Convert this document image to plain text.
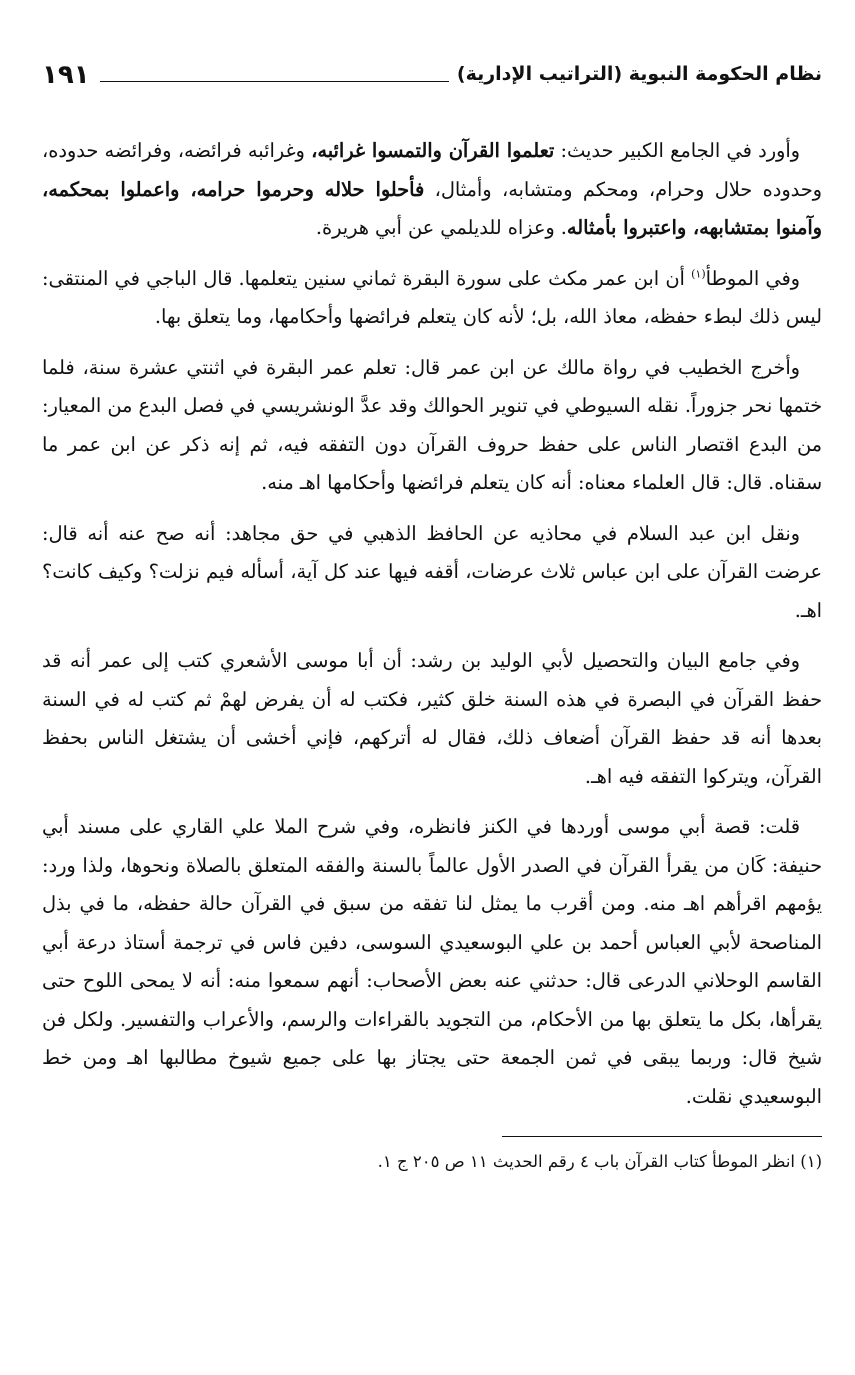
نظام الحكومة النبوية (التراتيب الإدارية)
١٩١

وأورد في الجامع الكبير حديث: تعلموا القرآن والتمسوا غرائبه، وغرائبه فرائضه، وفرائضه حدوده، وحدوده حلال وحرام، ومحكم ومتشابه، وأمثال، فأحلوا حلاله وحرموا حرامه، واعملوا بمحكمه، وآمنوا بمتشابهه، واعتبروا بأمثاله. وعزاه للديلمي عن أبي هريرة.

وفي الموطأ$^{(١)}$ أن ابن عمر مكث على سورة البقرة ثماني سنين يتعلمها. قال الباجي في المنتقى: ليس ذلك لبطء حفظه، معاذ الله، بل؛ لأنه كان يتعلم فرائضها وأحكامها، وما يتعلق بها.

وأخرج الخطيب في رواة مالك عن ابن عمر قال: تعلم عمر البقرة في اثنتي عشرة سنة، فلما ختمها نحر جزوراً. نقله السيوطي في تنوير الحوالك وقد عدَّ الونشريسي في فصل البدع من المعيار: من البدع اقتصار الناس على حفظ حروف القرآن دون التفقه فيه، ثم إنه ذكر عن ابن عمر ما سقناه. قال: قال العلماء معناه: أنه كان يتعلم فرائضها وأحكامها اهـ منه.

ونقل ابن عبد السلام في محاذيه عن الحافظ الذهبي في حق مجاهد: أنه صح عنه أنه قال: عرضت القرآن على ابن عباس ثلاث عرضات، أقفه فيها عند كل آية، أسأله فيم نزلت؟ وكيف كانت؟ اهـ.

وفي جامع البيان والتحصيل لأبي الوليد بن رشد: أن أبا موسى الأشعري كتب إلى عمر أنه قد حفظ القرآن في البصرة في هذه السنة خلق كثير، فكتب له أن يفرض لهمْ ثم كتب له في السنة بعدها أنه قد حفظ القرآن أضعاف ذلك، فقال له أتركهم، فإني أخشى أن يشتغل الناس بحفظ القرآن، ويتركوا التفقه فيه اهـ.

قلت: قصة أبي موسى أوردها في الكنز فانظره، وفي شرح الملا علي القاري على مسند أبي حنيفة: كَان من يقرأ القرآن في الصدر الأول عالماً بالسنة والفقه المتعلق بالصلاة ونحوها، ولذا ورد: يؤمهم اقرأهم اهـ منه. ومن أقرب ما يمثل لنا تفقه من سبق في القرآن حالة حفظه، ما في بذل المناصحة لأبي العباس أحمد بن علي البوسعيدي السوسى، دفين فاس في ترجمة أستاذ درعة أبي القاسم الوحلاني الدرعى قال: حدثني عنه بعض الأصحاب: أنهم سمعوا منه: أنه لا يمحى اللوح حتى يقرأها، بكل ما يتعلق بها من الأحكام، من التجويد بالقراءات والرسم، والأعراب والتفسير. ولكل فن شيخ قال: وربما يبقى في ثمن الجمعة حتى يجتاز بها على جميع شيوخ مطالبها اهـ ومن خط البوسعيدي نقلت.

(١) انظر الموطأ كتاب القرآن باب ٤ رقم الحديث ١١ ص ٢٠٥ ج ١.
